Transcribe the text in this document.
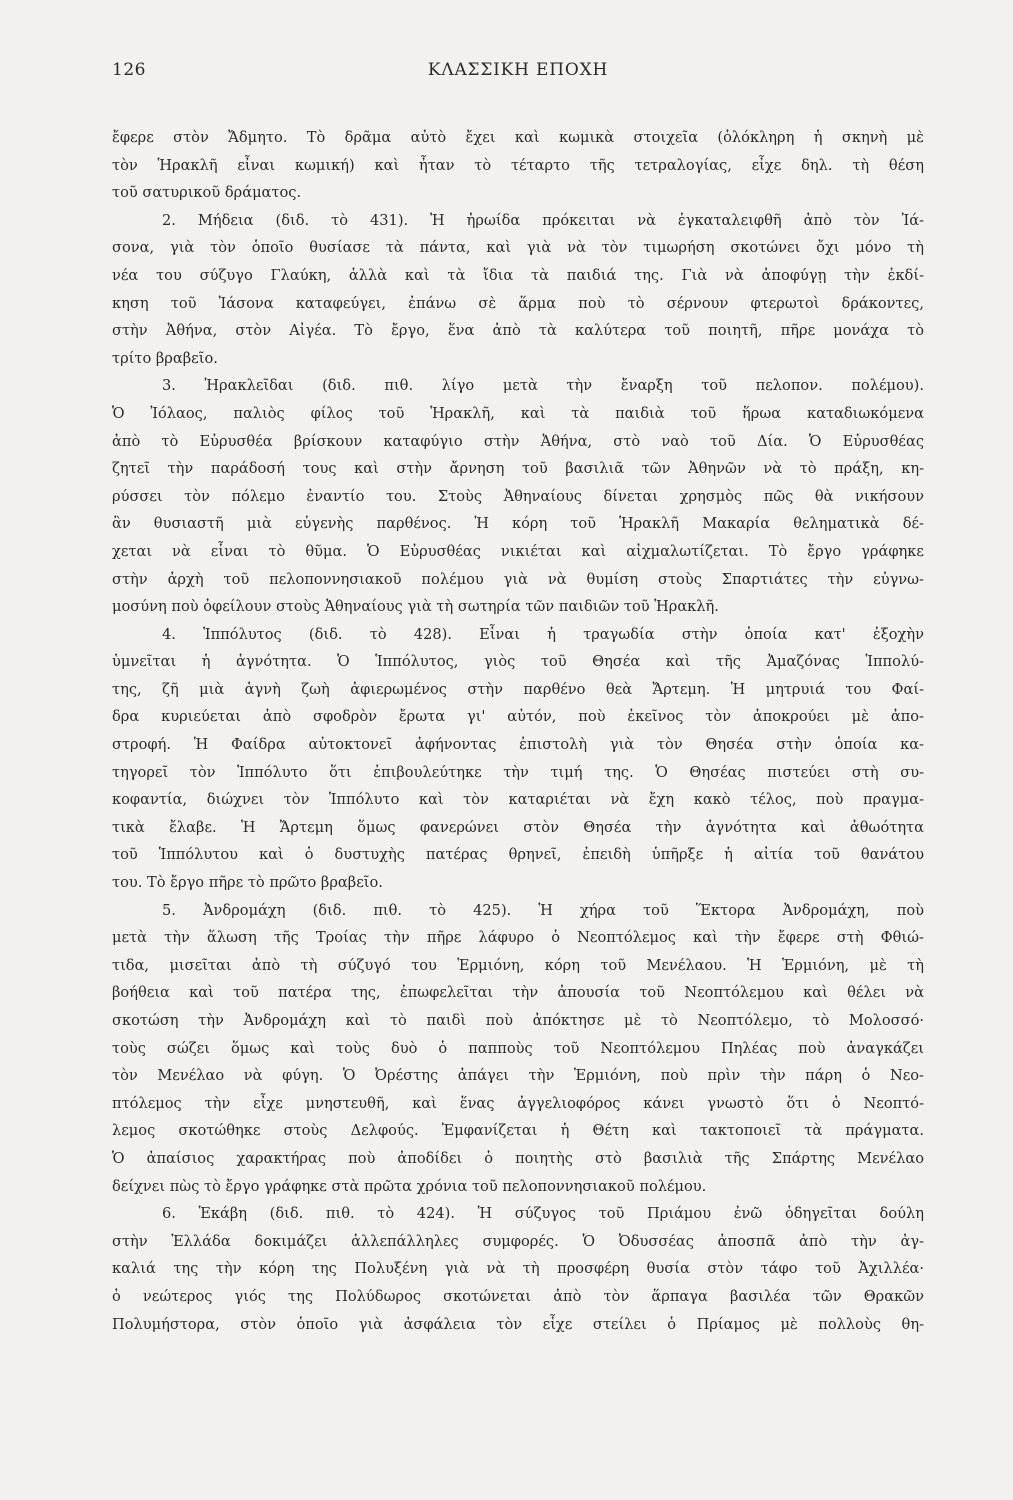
126	ΚΛΑΣΣΙΚΗ ΕΠΟΧΗ
ἔφερε στὸν Ἄδμητο. Τὸ δρᾶμα αὐτὸ ἔχει καὶ κωμικὰ στοιχεῖα (ὁλόκληρη ἡ σκηνὴ μὲ
τὸν Ἡρακλῆ εἶναι κωμική) καὶ ἦταν τὸ τέταρτο τῆς τετραλογίας, εἶχε δηλ. τὴ θέση
τοῦ σατυρικοῦ δράματος.
2. Μήδεια (διδ. τὸ 431). Ἡ ἡρωίδα πρόκειται νὰ ἐγκαταλειφθῆ ἀπὸ τὸν Ἰά-
σονα, γιὰ τὸν ὁποῖο θυσίασε τὰ πάντα, καὶ γιὰ νὰ τὸν τιμωρήση σκοτώνει ὄχι μόνο τὴ
νέα του σύζυγο Γλαύκη, ἀλλὰ καὶ τὰ ἴδια τὰ παιδιά της. Γιὰ νὰ ἀποφύγῃ τὴν ἐκδί-
κηση τοῦ Ἰάσονα καταφεύγει, ἐπάνω σὲ ἅρμα ποὺ τὸ σέρνουν φτερωτοὶ δράκοντες,
στὴν Ἀθήνα, στὸν Αἰγέα. Τὸ ἔργο, ἕνα ἀπὸ τὰ καλύτερα τοῦ ποιητῆ, πῆρε μονάχα τὸ
τρίτο βραβεῖο.
3. Ἡρακλεῖδαι (διδ. πιθ. λίγο μετὰ τὴν ἔναρξη τοῦ πελοπον. πολέμου).
Ὁ Ἰόλαος, παλιὸς φίλος τοῦ Ἡρακλῆ, καὶ τὰ παιδιὰ τοῦ ἥρωα καταδιωκόμενα
ἀπὸ τὸ Εὐρυσθέα βρίσκουν καταφύγιο στὴν Ἀθήνα, στὸ ναὸ τοῦ Δία. Ὁ Εὐρυσθέας
ζητεῖ τὴν παράδοσή τους καὶ στὴν ἄρνηση τοῦ βασιλιᾶ τῶν Ἀθηνῶν νὰ τὸ πράξη, κη-
ρύσσει τὸν πόλεμο ἐναντίο του. Στοὺς Ἀθηναίους δίνεται χρησμὸς πῶς θὰ νικήσουν
ἂν θυσιαστῆ μιὰ εὐγενὴς παρθένος. Ἡ κόρη τοῦ Ἡρακλῆ Μακαρία θεληματικὰ δέ-
χεται νὰ εἶναι τὸ θῦμα. Ὁ Εὐρυσθέας νικιέται καὶ αἰχμαλωτίζεται. Τὸ ἔργο γράφηκε
στὴν ἀρχὴ τοῦ πελοποννησιακοῦ πολέμου γιὰ νὰ θυμίση στοὺς Σπαρτιάτες τὴν εὐγνω-
μοσύνη ποὺ ὀφείλουν στοὺς Ἀθηναίους γιὰ τὴ σωτηρία τῶν παιδιῶν τοῦ Ἡρακλῆ.
4. Ἱππόλυτος (διδ. τὸ 428). Εἶναι ἡ τραγωδία στὴν ὁποία κατ' ἐξοχὴν
ὑμνεῖται ἡ ἁγνότητα. Ὁ Ἱππόλυτος, γιὸς τοῦ Θησέα καὶ τῆς Ἀμαζόνας Ἱππολύ-
της, ζῆ μιὰ ἁγνὴ ζωὴ ἀφιερωμένος στὴν παρθένο θεὰ Ἄρτεμη. Ἡ μητρυιά του Φαί-
δρα κυριεύεται ἀπὸ σφοδρὸν ἔρωτα γι' αὐτόν, ποὺ ἐκεῖνος τὸν ἀποκρούει μὲ ἀπο-
στροφή. Ἡ Φαίδρα αὐτοκτονεῖ ἀφήνοντας ἐπιστολὴ γιὰ τὸν Θησέα στὴν ὁποία κα-
τηγορεῖ τὸν Ἱππόλυτο ὅτι ἐπιβουλεύτηκε τὴν τιμή της. Ὁ Θησέας πιστεύει στὴ συ-
κοφαντία, διώχνει τὸν Ἱππόλυτο καὶ τὸν καταριέται νὰ ἔχη κακὸ τέλος, ποὺ πραγμα-
τικὰ ἔλαβε. Ἡ Ἄρτεμη ὅμως φανερώνει στὸν Θησέα τὴν ἁγνότητα καὶ ἀθωότητα
τοῦ Ἱππόλυτου καὶ ὁ δυστυχὴς πατέρας θρηνεῖ, ἐπειδὴ ὑπῆρξε ἡ αἰτία τοῦ θανάτου
του. Τὸ ἔργο πῆρε τὸ πρῶτο βραβεῖο.
5. Ἀνδρομάχη (διδ. πιθ. τὸ 425). Ἡ χήρα τοῦ Ἕκτορα Ἀνδρομάχη, ποὺ
μετὰ τὴν ἅλωση τῆς Τροίας τὴν πῆρε λάφυρο ὁ Νεοπτόλεμος καὶ τὴν ἔφερε στὴ Φθιώ-
τιδα, μισεῖται ἀπὸ τὴ σύζυγό του Ἑρμιόνη, κόρη τοῦ Μενέλαου. Ἡ Ἑρμιόνη, μὲ τὴ
βοήθεια καὶ τοῦ πατέρα της, ἐπωφελεῖται τὴν ἀπουσία τοῦ Νεοπτόλεμου καὶ θέλει νὰ
σκοτώση τὴν Ἀνδρομάχη καὶ τὸ παιδὶ ποὺ ἀπόκτησε μὲ τὸ Νεοπτόλεμο, τὸ Μολοσσό·
τοὺς σώζει ὅμως καὶ τοὺς δυὸ ὁ παπποὺς τοῦ Νεοπτόλεμου Πηλέας ποὺ ἀναγκάζει
τὸν Μενέλαο νὰ φύγη. Ὁ Ὀρέστης ἀπάγει τὴν Ἑρμιόνη, ποὺ πρὶν τὴν πάρη ὁ Νεο-
πτόλεμος τὴν εἶχε μνηστευθῆ, καὶ ἕνας ἀγγελιοφόρος κάνει γνωστὸ ὅτι ὁ Νεοπτό-
λεμος σκοτώθηκε στοὺς Δελφούς. Ἐμφανίζεται ἡ Θέτη καὶ τακτοποιεῖ τὰ πράγματα.
Ὁ ἀπαίσιος χαρακτήρας ποὺ ἀποδίδει ὁ ποιητὴς στὸ βασιλιὰ τῆς Σπάρτης Μενέλαο
δείχνει πὼς τὸ ἔργο γράφηκε στὰ πρῶτα χρόνια τοῦ πελοποννησιακοῦ πολέμου.
6. Ἑκάβη (διδ. πιθ. τὸ 424). Ἡ σύζυγος τοῦ Πριάμου ἐνῶ ὁδηγεῖται δούλη
στὴν Ἑλλάδα δοκιμάζει ἀλλεπάλληλες συμφορές. Ὁ Ὀδυσσέας ἀποσπᾶ ἀπὸ τὴν ἀγ-
καλιά της τὴν κόρη της Πολυξένη γιὰ νὰ τὴ προσφέρη θυσία στὸν τάφο τοῦ Ἀχιλλέα·
ὁ νεώτερος γιός της Πολύδωρος σκοτώνεται ἀπὸ τὸν ἅρπαγα βασιλέα τῶν Θρακῶν
Πολυμήστορα, στὸν ὁποῖο γιὰ ἀσφάλεια τὸν εἶχε στείλει ὁ Πρίαμος μὲ πολλοὺς θη-
